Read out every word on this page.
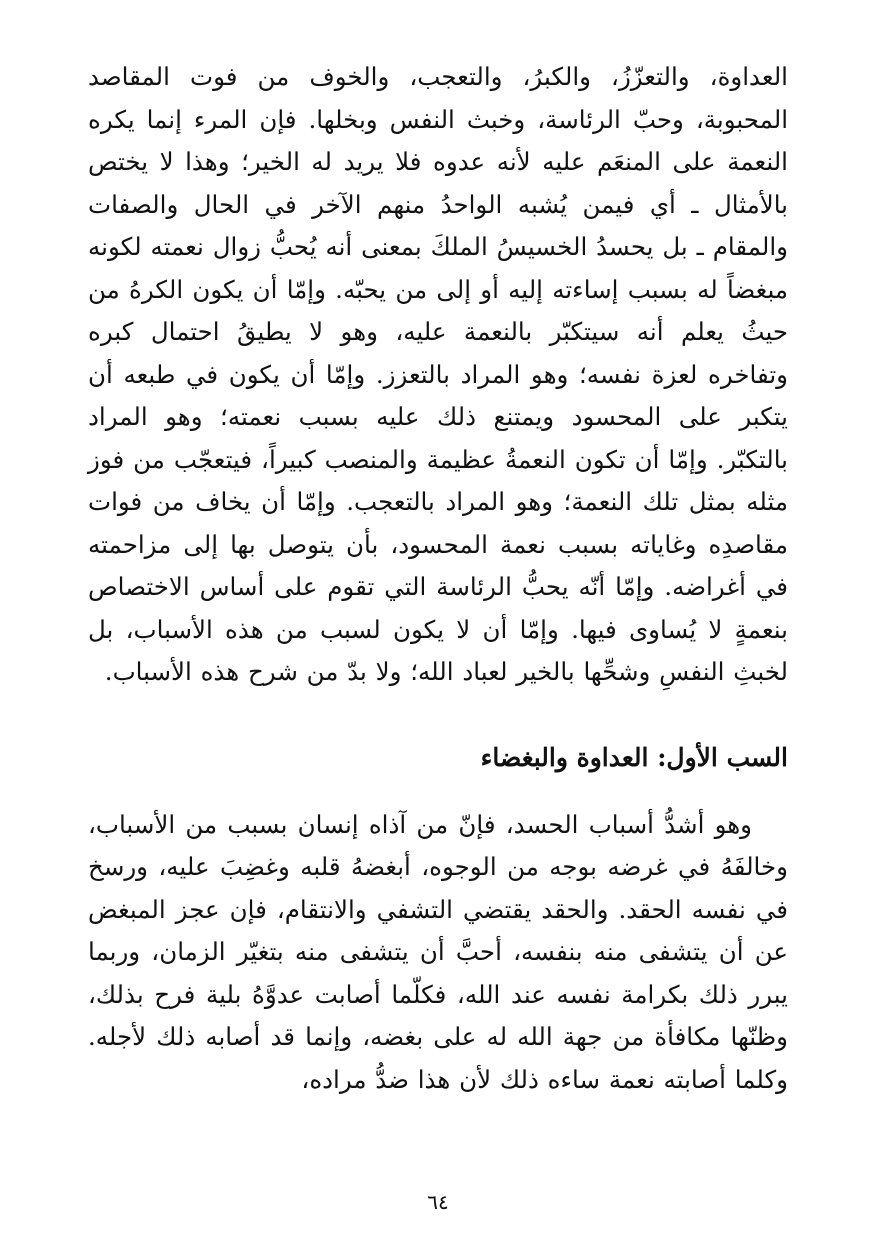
العداوة، والتعزّزُ، والكبرُ، والتعجب، والخوف من فوت المقاصد المحبوبة، وحبّ الرئاسة، وخبث النفس وبخلها. فإن المرء إنما يكره النعمة على المنعَم عليه لأنه عدوه فلا يريد له الخير؛ وهذا لا يختص بالأمثال ـ أي فيمن يُشبه الواحدُ منهم الآخر في الحال والصفات والمقام ـ بل يحسدُ الخسيسُ الملكَ بمعنى أنه يُحبُّ زوال نعمته لكونه مبغضاً له بسبب إساءته إليه أو إلى من يحبّه. وإمّا أن يكون الكرهُ من حيثُ يعلم أنه سيتكبّر بالنعمة عليه، وهو لا يطيقُ احتمال كبره وتفاخره لعزة نفسه؛ وهو المراد بالتعزز. وإمّا أن يكون في طبعه أن يتكبر على المحسود ويمتنع ذلك عليه بسبب نعمته؛ وهو المراد بالتكبّر. وإمّا أن تكون النعمةُ عظيمة والمنصب كبيراً، فيتعجّب من فوز مثله بمثل تلك النعمة؛ وهو المراد بالتعجب. وإمّا أن يخاف من فوات مقاصدِه وغاياته بسبب نعمة المحسود، بأن يتوصل بها إلى مزاحمته في أغراضه. وإمّا أنّه يحبُّ الرئاسة التي تقوم على أساس الاختصاص بنعمةٍ لا يُساوى فيها. وإمّا أن لا يكون لسبب من هذه الأسباب، بل لخبثِ النفسِ وشحِّها بالخير لعباد الله؛ ولا بدّ من شرح هذه الأسباب.

السب الأول: العداوة والبغضاء

وهو أشدُّ أسباب الحسد، فإنّ من آذاه إنسان بسبب من الأسباب، وخالفَهُ في غرضه بوجه من الوجوه، أبغضهُ قلبه وغضِبَ عليه، ورسخ في نفسه الحقد. والحقد يقتضي التشفي والانتقام، فإن عجز المبغض عن أن يتشفى منه بنفسه، أحبَّ أن يتشفى منه بتغيّر الزمان، وربما يبرر ذلك بكرامة نفسه عند الله، فكلّما أصابت عدوَّهُ بلية فرح بذلك، وظنّها مكافأة من جهة الله له على بغضه، وإنما قد أصابه ذلك لأجله. وكلما أصابته نعمة ساءه ذلك لأن هذا ضدُّ مراده،

٦٤
